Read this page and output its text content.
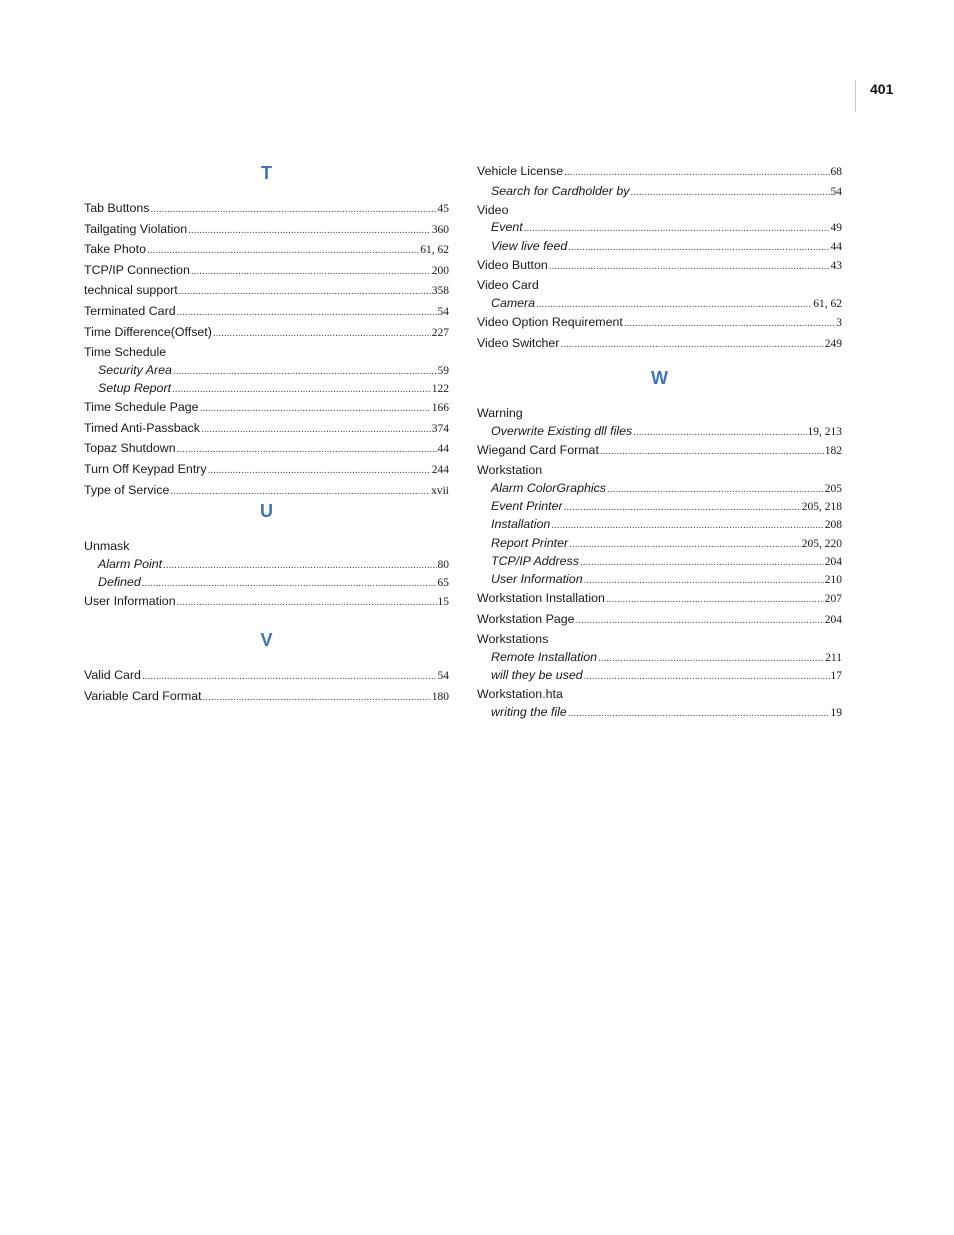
401
T
Tab Buttons .....	45
Tailgating Violation .....	360
Take Photo .....	61, 62
TCP/IP Connection .....	200
technical support .....	358
Terminated Card .....	54
Time Difference(Offset) .....	227
Time Schedule
Security Area .....	59
Setup Report .....	122
Time Schedule Page .....	166
Timed Anti-Passback .....	374
Topaz Shutdown .....	44
Turn Off Keypad Entry .....	244
Type of Service .....	xvii
U
Unmask
Alarm Point .....	80
Defined .....	65
User Information .....	15
V
Valid Card .....	54
Variable Card Format .....	180
Vehicle License .....	68
Search for Cardholder by .....	54
Video
Event .....	49
View live feed .....	44
Video Button .....	43
Video Card
Camera .....	61, 62
Video Option Requirement .....	3
Video Switcher .....	249
W
Warning
Overwrite Existing dll files .....	19, 213
Wiegand Card Format .....	182
Workstation
Alarm ColorGraphics .....	205
Event Printer .....	205, 218
Installation .....	208
Report Printer .....	205, 220
TCP/IP Address .....	204
User Information .....	210
Workstation Installation .....	207
Workstation Page .....	204
Workstations
Remote Installation .....	211
will they be used .....	17
Workstation.hta
writing the file .....	19
